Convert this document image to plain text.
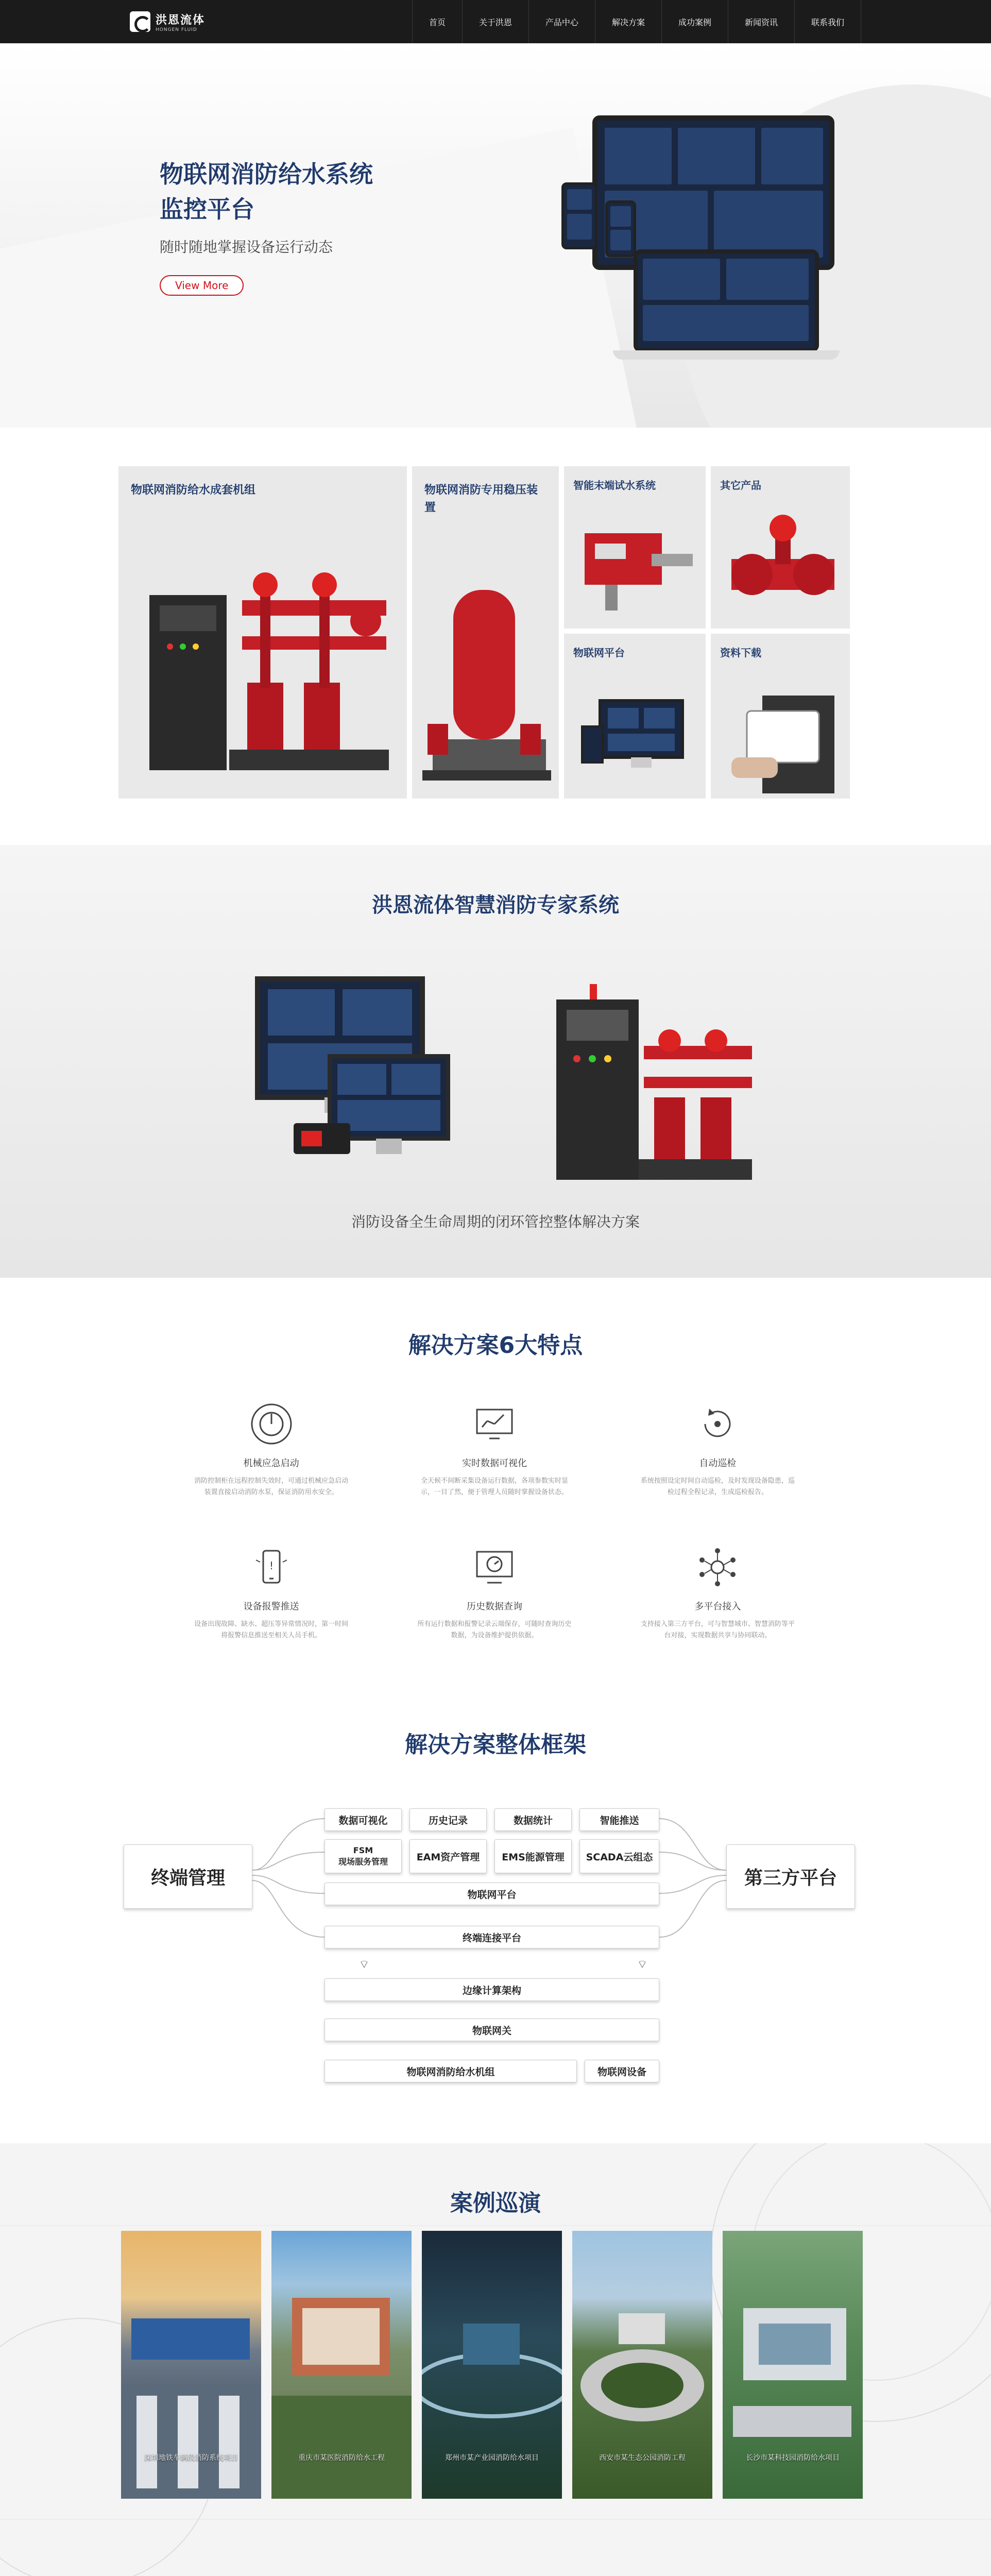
洪恩流体
HONGEN FLUID
首页	关于洪恩	产品中心	解决方案	成功案例	新闻资讯	联系我们
物联网消防给水系统
监控平台
随时随地掌握设备运行动态
View More
物联网消防给水成套机组	物联网消防专用稳压装置
智能末端试水系统	其它产品
物联网平台	资料下载
洪恩流体智慧消防专家系统
消防设备全生命周期的闭环管控整体解决方案
解决方案6大特点
机械应急启动
消防控制柜在远程控制失效时，可通过机械应急启动装置直接启动消防水泵，保证消防用水安全。
实时数据可视化
全天候不间断采集设备运行数据，各项参数实时显示，一目了然，便于管理人员随时掌握设备状态。
自动巡检
系统按照设定时间自动巡检，及时发现设备隐患，巡检过程全程记录，生成巡检报告。
!
设备报警推送
设备出现故障、缺水、超压等异常情况时，第一时间将报警信息推送至相关人员手机。
历史数据查询
所有运行数据和报警记录云端保存，可随时查询历史数据，为设备维护提供依据。
多平台接入
支持接入第三方平台，可与智慧城市、智慧消防等平台对接，实现数据共享与协同联动。
解决方案整体框架
⌔	⌔
终端管理	第三方平台
数据可视化	历史记录	数据统计	智能推送
FSM
现场服务管理	EAM资产管理	EMS能源管理	SCADA云组态
物联网平台
终端连接平台
边缘计算架构
物联网关
物联网消防给水机组	物联网设备
案例巡演
深圳地铁车辆段消防系统项目	重庆市某医院消防给水工程	郑州市某产业园消防给水项目	西安市某生态公园消防工程	长沙市某科技园消防给水项目
